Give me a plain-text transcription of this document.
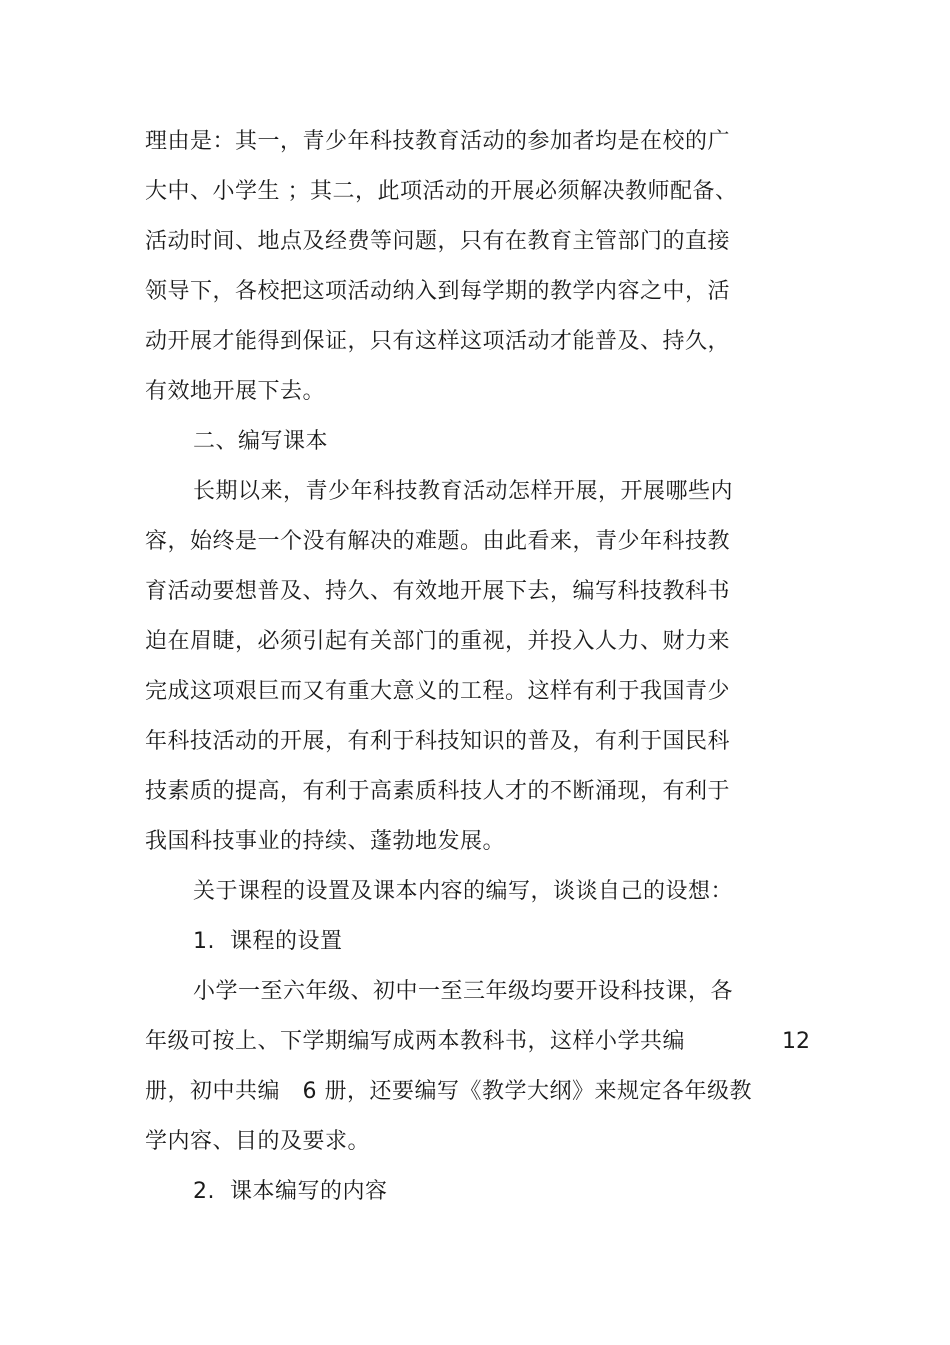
理由是：其一，青少年科技教育活动的参加者均是在校的广
大中、小学生 ；其二，此项活动的开展必须解决教师配备、
活动时间、地点及经费等问题，只有在教育主管部门的直接
领导下，各校把这项活动纳入到每学期的教学内容之中，活
动开展才能得到保证，只有这样这项活动才能普及、持久，
有效地开展下去。
二、编写课本
长期以来，青少年科技教育活动怎样开展，开展哪些内
容，始终是一个没有解决的难题。由此看来，青少年科技教
育活动要想普及、持久、有效地开展下去，编写科技教科书
迫在眉睫，必须引起有关部门的重视，并投入人力、财力来
完成这项艰巨而又有重大意义的工程。这样有利于我国青少
年科技活动的开展，有利于科技知识的普及，有利于国民科
技素质的提高，有利于高素质科技人才的不断涌现，有利于
我国科技事业的持续、蓬勃地发展。
关于课程的设置及课本内容的编写，谈谈自己的设想：
1.  课程的设置
小学一至六年级、初中一至三年级均要开设科技课，各
年级可按上、下学期编写成两本教科书，这样小学共编	12
册，初中共编   6 册，还要编写《教学大纲》来规定各年级教
学内容、目的及要求。
2.  课本编写的内容
